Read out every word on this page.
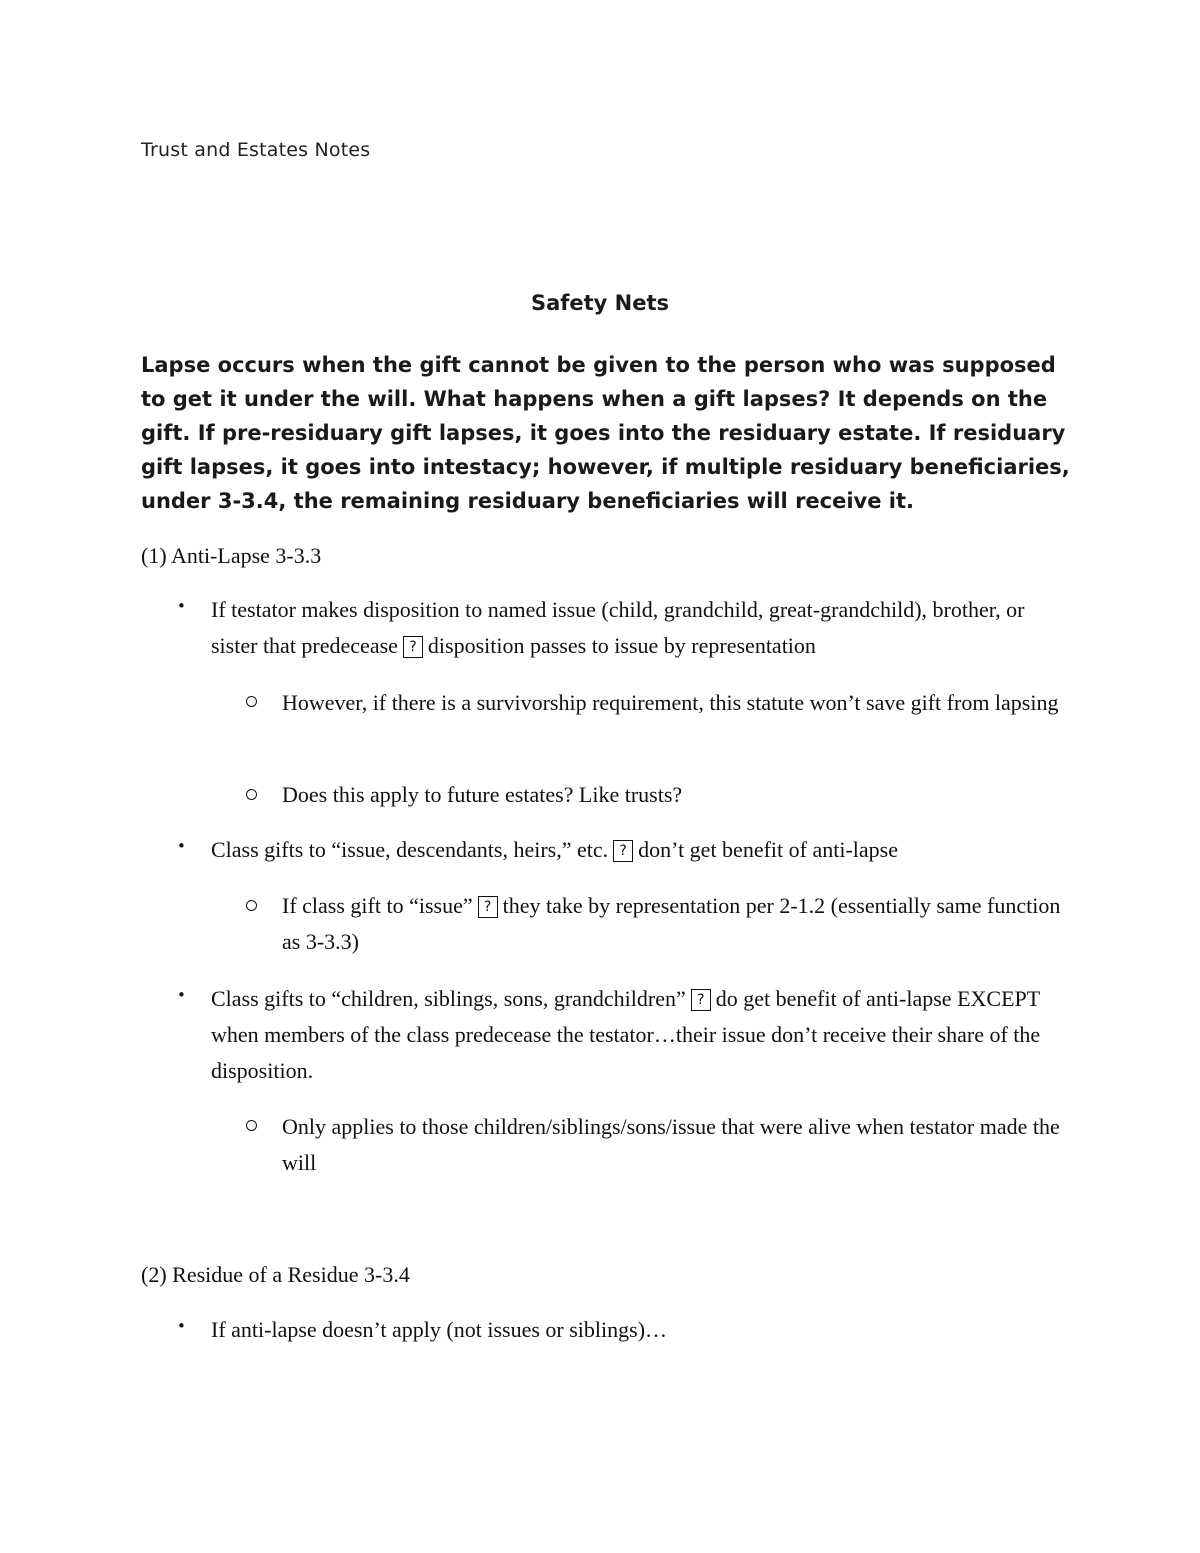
Trust and Estates Notes
Safety Nets
Lapse occurs when the gift cannot be given to the person who was supposed to get it under the will. What happens when a gift lapses? It depends on the gift. If pre-residuary gift lapses, it goes into the residuary estate. If residuary gift lapses, it goes into intestacy; however, if multiple residuary beneficiaries, under 3-3.4, the remaining residuary beneficiaries will receive it.
(1) Anti-Lapse 3-3.3
• If testator makes disposition to named issue (child, grandchild, great-grandchild), brother, or sister that predecease ? disposition passes to issue by representation
However, if there is a survivorship requirement, this statute won’t save gift from lapsing
Does this apply to future estates? Like trusts?
• Class gifts to “issue, descendants, heirs,” etc. ? don’t get benefit of anti-lapse
If class gift to “issue” ? they take by representation per 2-1.2 (essentially same function as 3-3.3)
• Class gifts to “children, siblings, sons, grandchildren” ? do get benefit of anti-lapse EXCEPT when members of the class predecease the testator…their issue don’t receive their share of the disposition.
Only applies to those children/siblings/sons/issue that were alive when testator made the will
(2) Residue of a Residue 3-3.4
• If anti-lapse doesn’t apply (not issues or siblings)…
